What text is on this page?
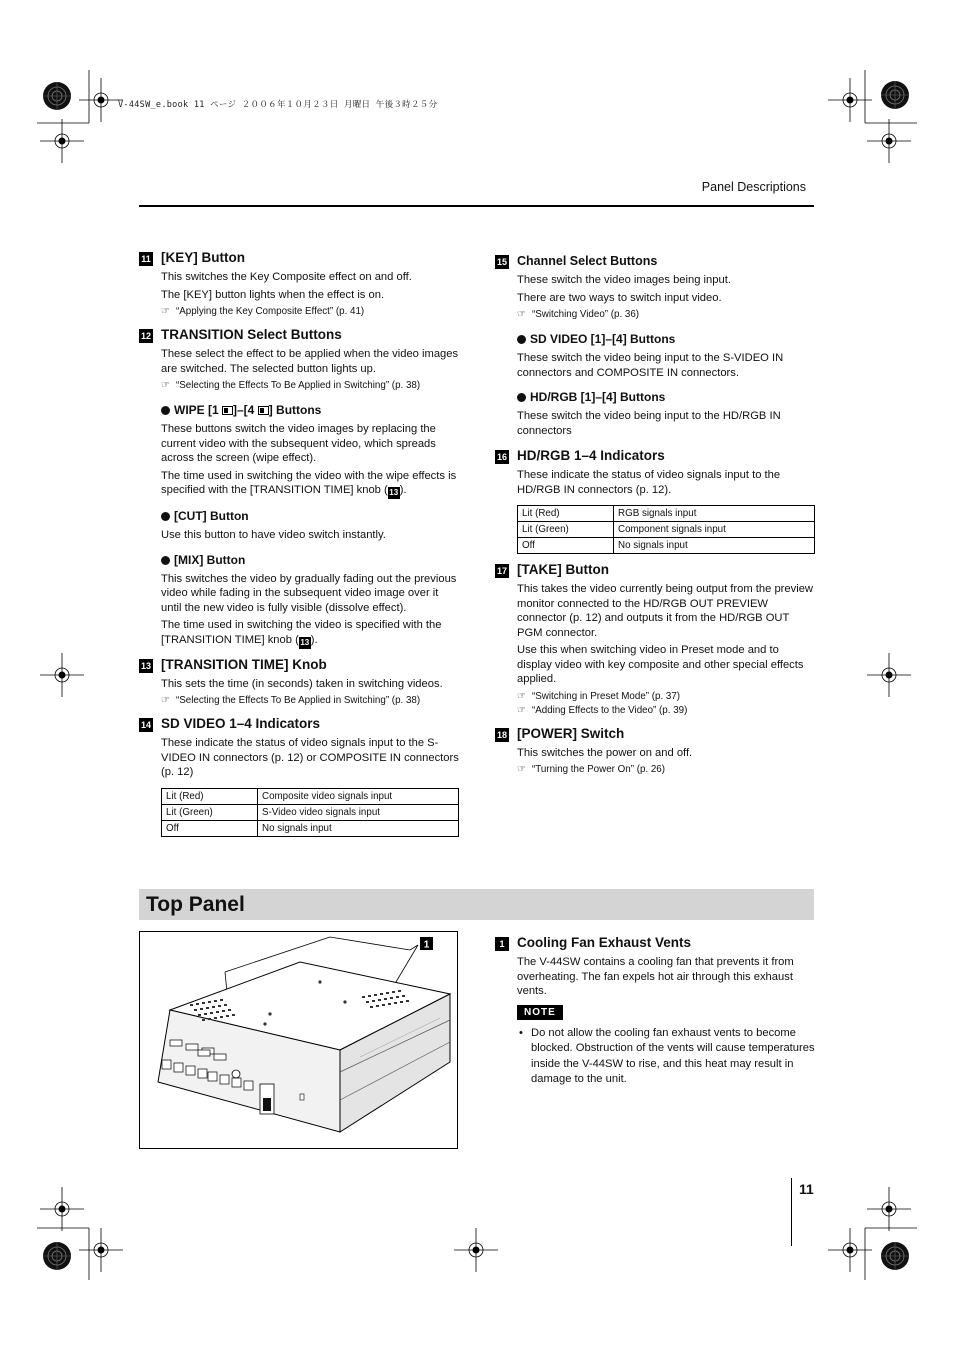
V-44SW_e.book 11 ページ ２００６年１０月２３日 月曜日 午後３時２５分
Panel Descriptions
11 [KEY] Button

This switches the Key Composite effect on and off.

The [KEY] button lights when the effect is on.

☞ “Applying the Key Composite Effect” (p. 41)
12 TRANSITION Select Buttons

These select the effect to be applied when the video images are switched. The selected button lights up.

☞ “Selecting the Effects To Be Applied in Switching” (p. 38)
WIPE [1 ]–[4 ] Buttons

These buttons switch the video images by replacing the current video with the subsequent video, which spreads across the screen (wipe effect).

The time used in switching the video with the wipe effects is specified with the [TRANSITION TIME] knob ( 13 ).

[CUT] Button

Use this button to have video switch instantly.

[MIX] Button

This switches the video by gradually fading out the previous video while fading in the subsequent video image over it until the new video is fully visible (dissolve effect).

The time used in switching the video is specified with the [TRANSITION TIME] knob ( 13 ).

13 [TRANSITION TIME] Knob

This sets the time (in seconds) taken in switching videos.

☞ “Selecting the Effects To Be Applied in Switching” (p. 38)
14 SD VIDEO 1–4 Indicators

These indicate the status of video signals input to the S-VIDEO IN connectors (p. 12) or COMPOSITE IN connectors (p. 12)

Lit (Red)	Composite video signals input
Lit (Green)	S-Video video signals input
Off	No signals input
15 Channel Select Buttons

These switch the video images being input.

There are two ways to switch input video.

☞ “Switching Video” (p. 36)
SD VIDEO [1]–[4] Buttons

These switch the video being input to the S-VIDEO IN connectors and COMPOSITE IN connectors.

HD/RGB [1]–[4] Buttons

These switch the video being input to the HD/RGB IN connectors

16 HD/RGB 1–4 Indicators

These indicate the status of video signals input to the HD/RGB IN connectors (p. 12).

Lit (Red)	RGB signals input
Lit (Green)	Component signals input
Off	No signals input
17 [TAKE] Button

This takes the video currently being output from the preview monitor connected to the HD/RGB OUT PREVIEW connector (p. 12) and outputs it from the HD/RGB OUT PGM connector.

Use this when switching video in Preset mode and to display video with key composite and other special effects applied.

☞ “Switching in Preset Mode” (p. 37)
☞ “Adding Effects to the Video” (p. 39)
18 [POWER] Switch

This switches the power on and off.

☞ “Turning the Power On” (p. 26)
Top Panel
1	1 Cooling Fan Exhaust Vents

The V-44SW contains a cooling fan that prevents it from overheating. The fan expels hot air through this exhaust vents.

NOTE
• Do not allow the cooling fan exhaust vents to become blocked. Obstruction of the vents will cause temperatures inside the V-44SW to rise, and this heat may result in damage to the unit.
11
